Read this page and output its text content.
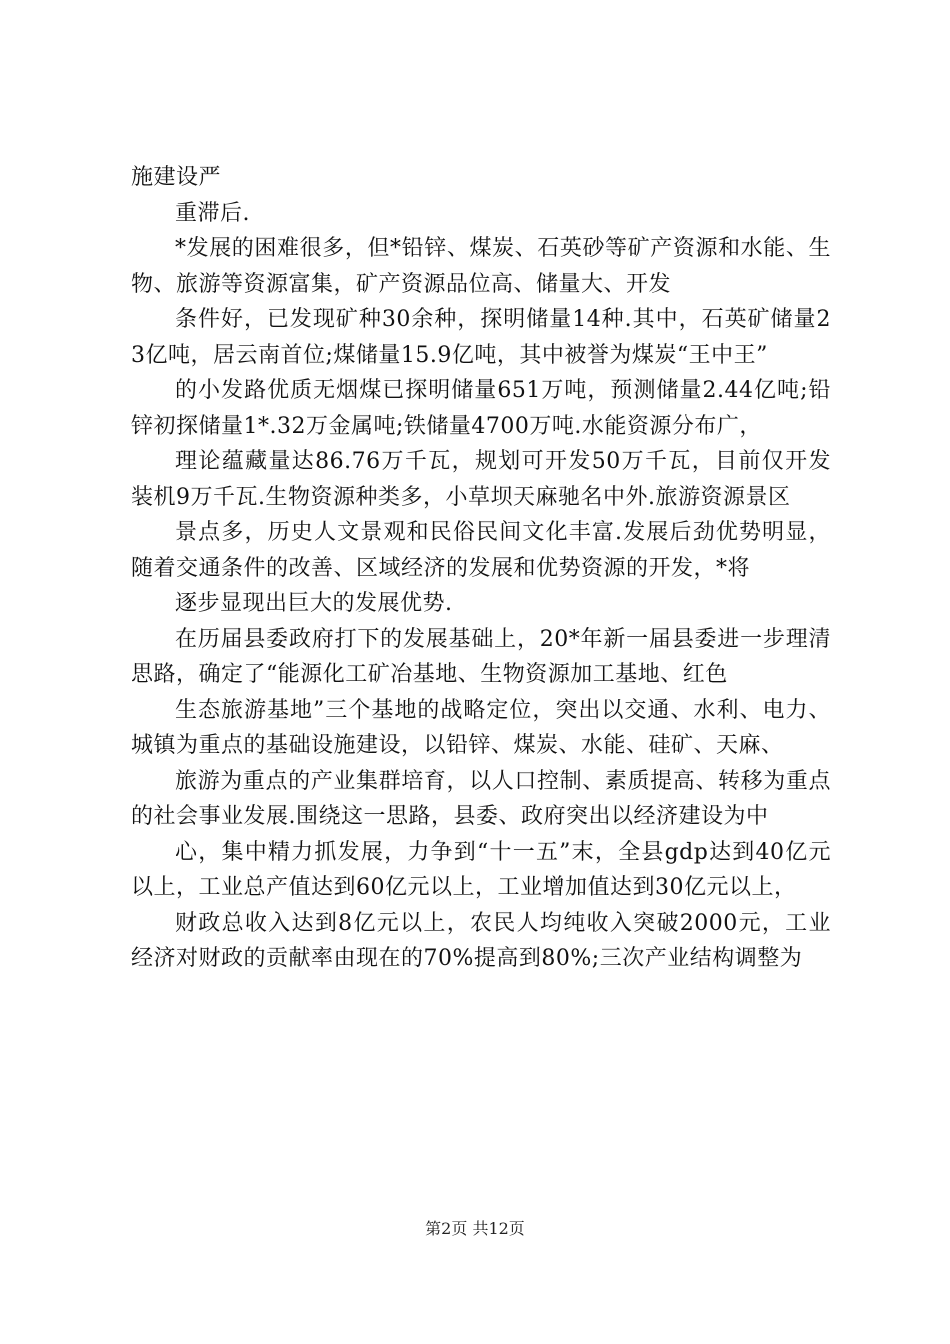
施建设严

重滞后.

*发展的困难很多，但*铅锌、煤炭、石英砂等矿产资源和水能、生物、旅游等资源富集，矿产资源品位高、储量大、开发

条件好，已发现矿种30余种，探明储量14种.其中，石英矿储量23亿吨，居云南首位;煤储量15.9亿吨，其中被誉为煤炭“王中王”

的小发路优质无烟煤已探明储量651万吨，预测储量2.44亿吨;铅锌初探储量1*.32万金属吨;铁储量4700万吨.水能资源分布广，

理论蕴藏量达86.76万千瓦，规划可开发50万千瓦，目前仅开发装机9万千瓦.生物资源种类多，小草坝天麻驰名中外.旅游资源景区

景点多，历史人文景观和民俗民间文化丰富.发展后劲优势明显，随着交通条件的改善、区域经济的发展和优势资源的开发，*将

逐步显现出巨大的发展优势.

在历届县委政府打下的发展基础上，20*年新一届县委进一步理清思路，确定了“能源化工矿冶基地、生物资源加工基地、红色

生态旅游基地”三个基地的战略定位，突出以交通、水利、电力、城镇为重点的基础设施建设，以铅锌、煤炭、水能、硅矿、天麻、

旅游为重点的产业集群培育，以人口控制、素质提高、转移为重点的社会事业发展.围绕这一思路，县委、政府突出以经济建设为中

心，集中精力抓发展，力争到“十一五”末，全县gdp达到40亿元以上，工业总产值达到60亿元以上，工业增加值达到30亿元以上，

财政总收入达到8亿元以上，农民人均纯收入突破2000元，工业经济对财政的贡献率由现在的70%提高到80%;三次产业结构调整为

第2页 共12页
